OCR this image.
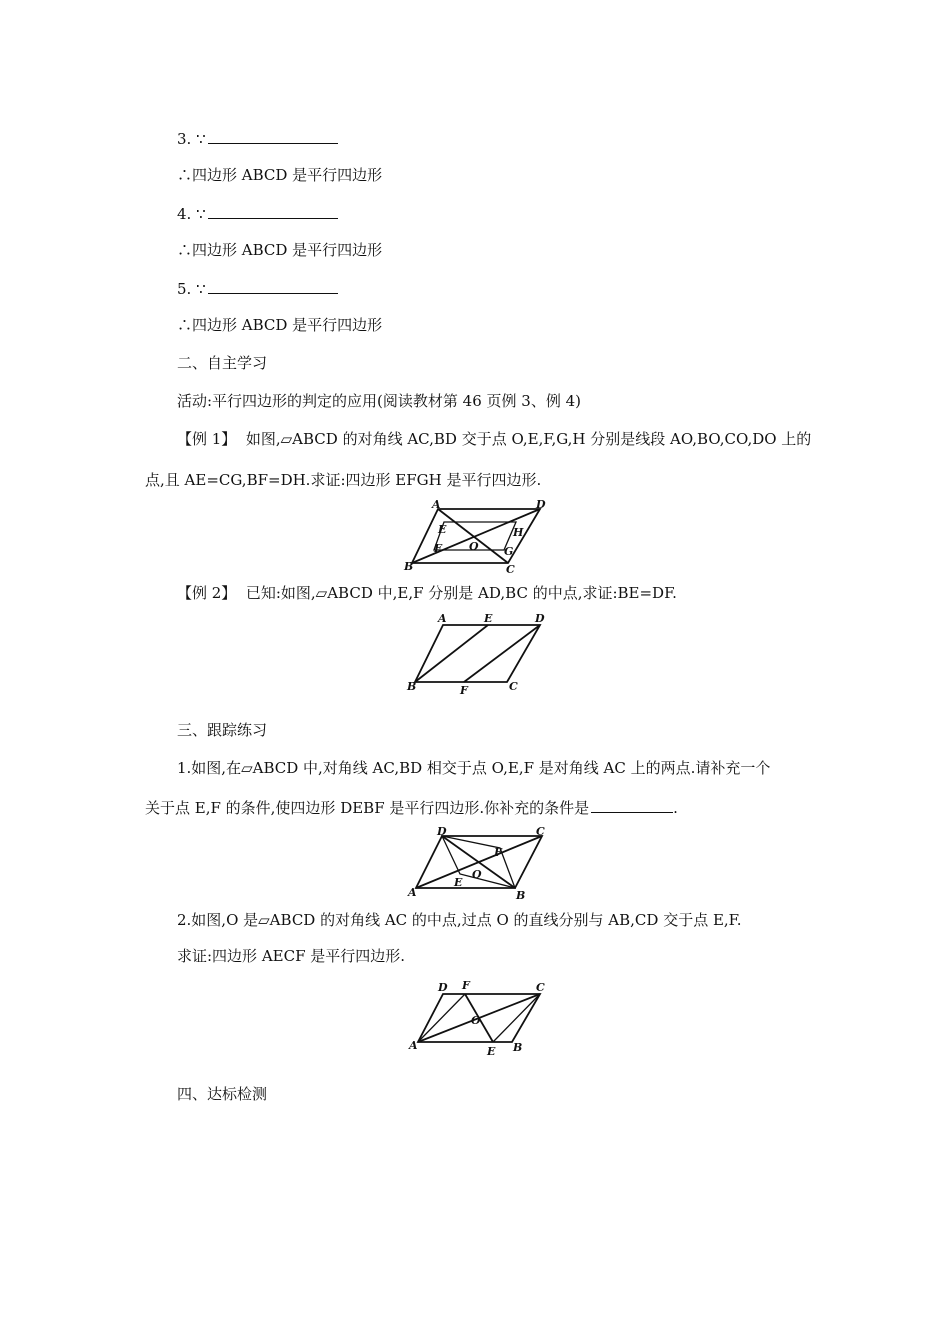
3. ∵
∴四边形 ABCD 是平行四边形
4. ∵
∴四边形 ABCD 是平行四边形
5. ∵
∴四边形 ABCD 是平行四边形
二、自主学习
活动:平行四边形的判定的应用(阅读教材第 46 页例 3、例 4)
【例 1】 如图,▱ABCD 的对角线 AC,BD 交于点 O,E,F,G,H 分别是线段 AO,BO,CO,DO 上的
点,且 AE=CG,BF=DH.求证:四边形 EFGH 是平行四边形.
A	D
B	C
E
F	G
H
O
【例 2】 已知:如图,▱ABCD 中,E,F 分别是 AD,BC 的中点,求证:BE=DF.
A	E	D
B	F	C
三、跟踪练习
1.如图,在▱ABCD 中,对角线 AC,BD 相交于点 O,E,F 是对角线 AC 上的两点.请补充一个
关于点 E,F 的条件,使四边形 DEBF 是平行四边形.你补充的条件是	.
D	C
A	B
F
E
O
2.如图,O 是▱ABCD 的对角线 AC 的中点,过点 O 的直线分别与 AB,CD 交于点 E,F.
求证:四边形 AECF 是平行四边形.
D F	C
A	E B
O
四、达标检测
